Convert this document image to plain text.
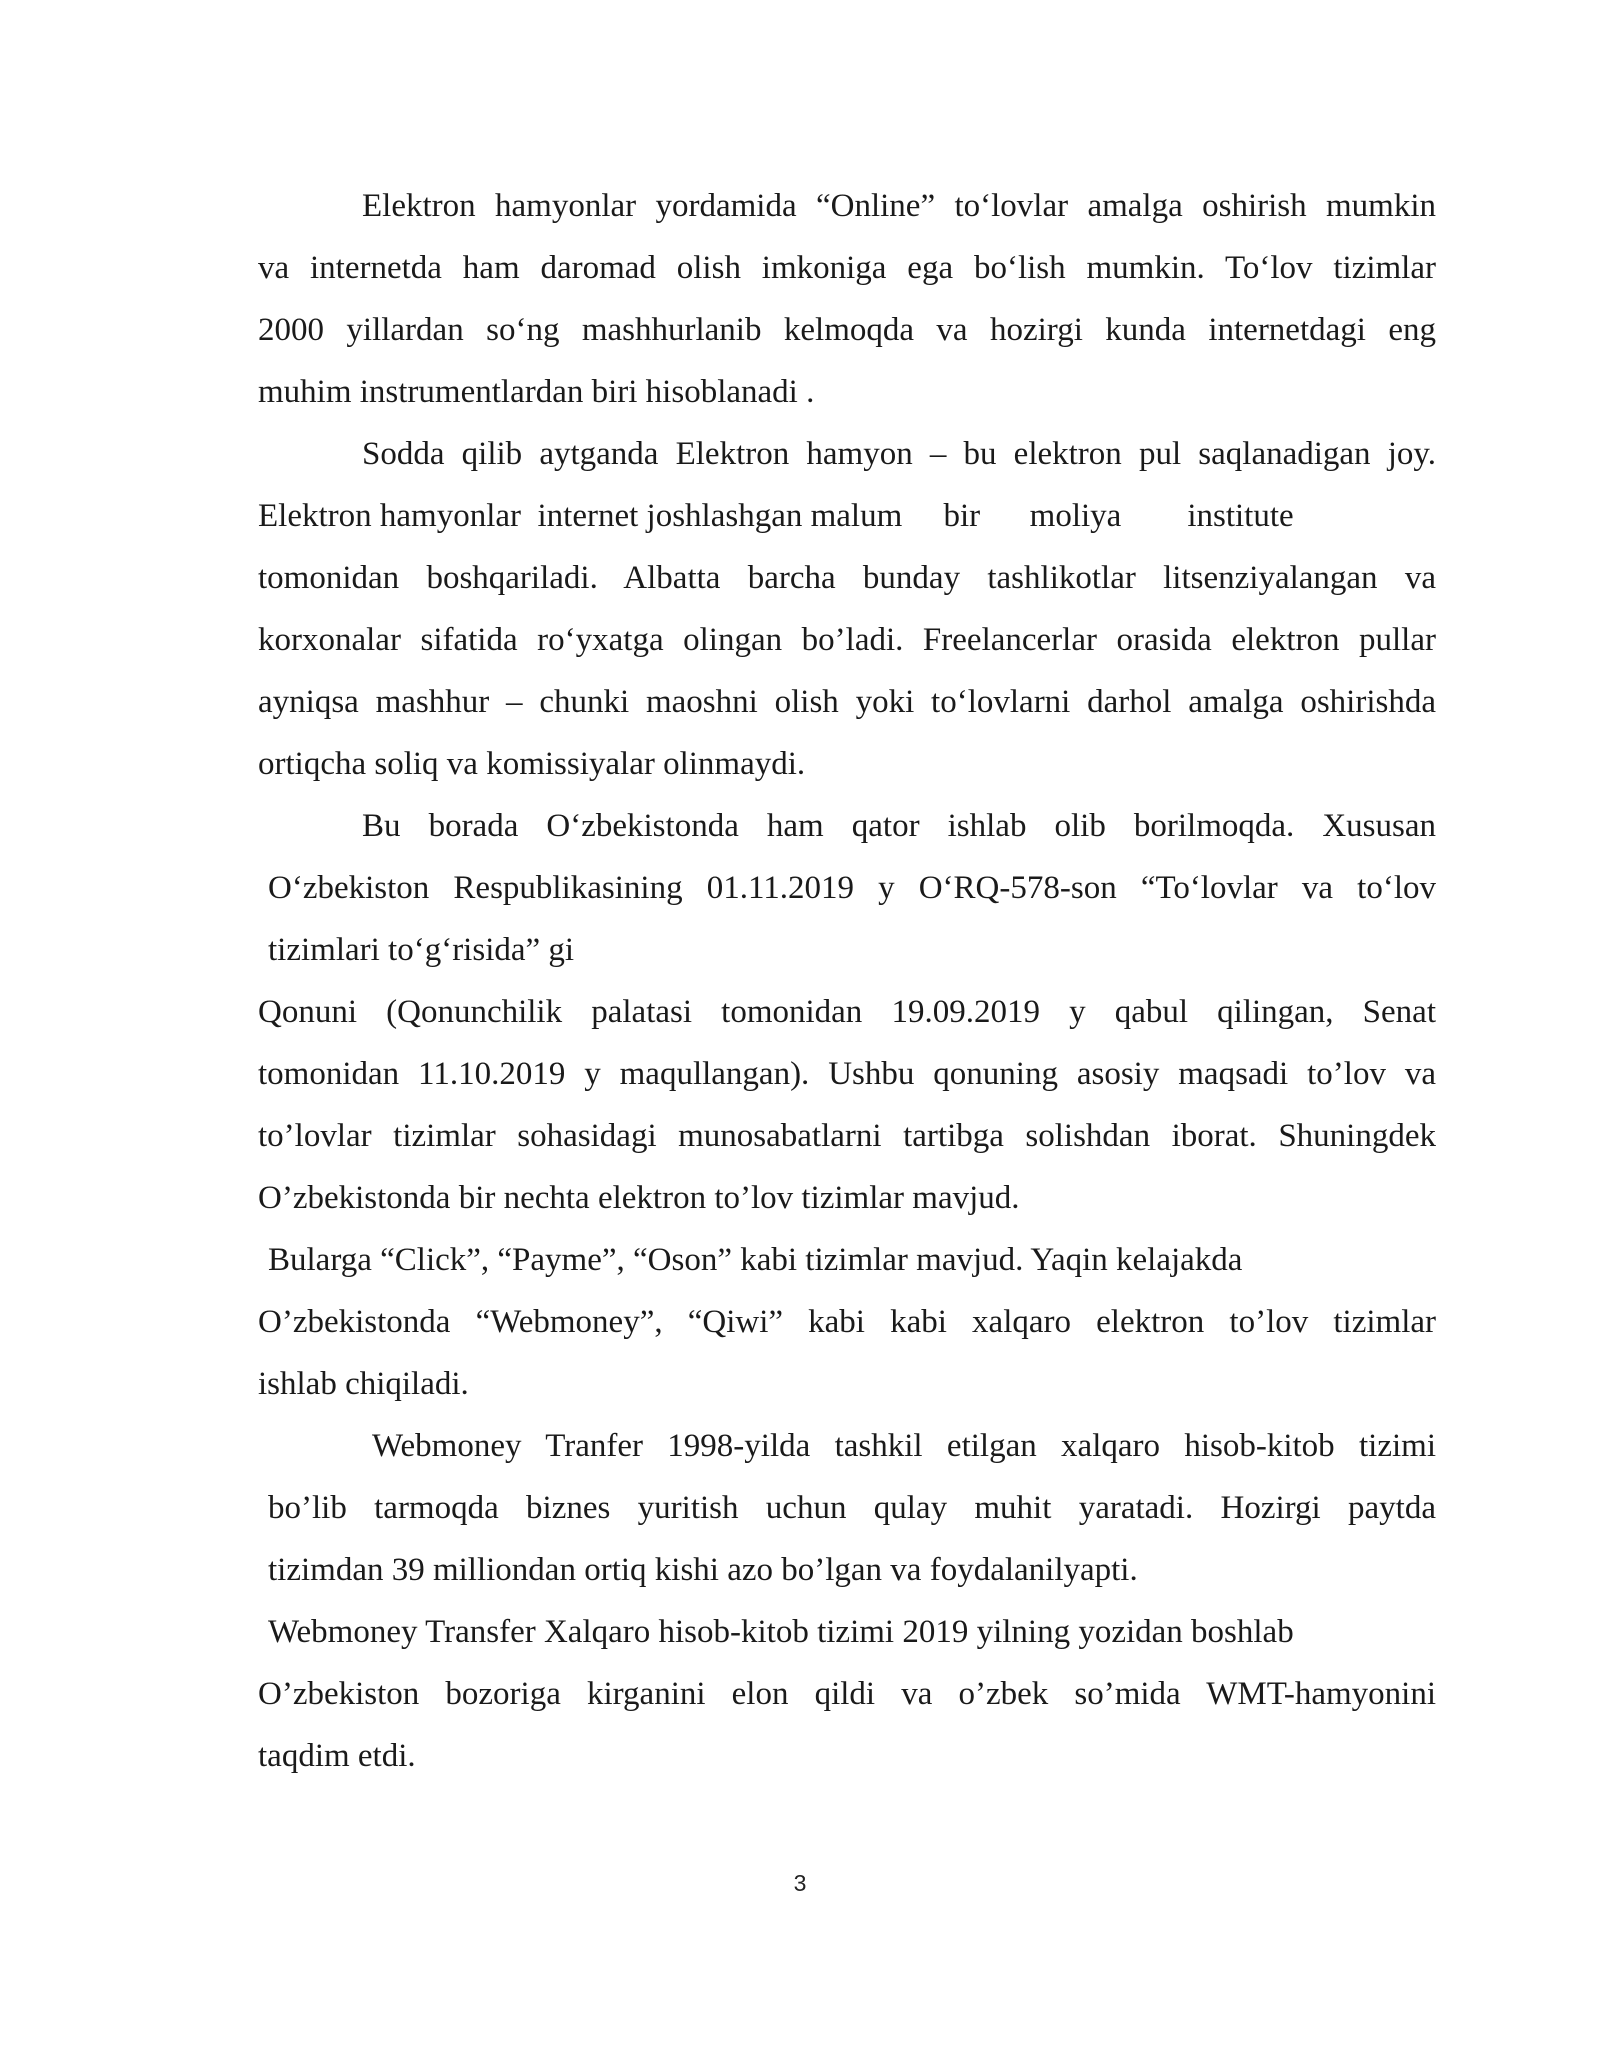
Elektron hamyonlar yordamida “Online” to‘lovlar amalga oshirish mumkin
va internetda ham daromad olish imkoniga ega bo‘lish mumkin. To‘lov tizimlar
2000 yillardan so‘ng mashhurlanib kelmoqda va hozirgi kunda internetdagi eng
muhim instrumentlardan biri hisoblanadi .
Sodda qilib aytganda Elektron hamyon – bu elektron pul saqlanadigan joy.
Elektron hamyonlar  internet joshlashgan malum     bir      moliya        institute
tomonidan boshqariladi. Albatta barcha bunday tashlikotlar litsenziyalangan va
korxonalar sifatida ro‘yxatga olingan bo’ladi. Freelancerlar orasida elektron pullar
ayniqsa mashhur – chunki maoshni olish yoki to‘lovlarni darhol amalga oshirishda
ortiqcha soliq va komissiyalar olinmaydi.
Bu borada O‘zbekistonda ham qator ishlab olib borilmoqda. Xususan
O‘zbekiston Respublikasining 01.11.2019 y O‘RQ-578-son “To‘lovlar va to‘lov
tizimlari to‘g‘risida” gi
Qonuni (Qonunchilik palatasi tomonidan 19.09.2019 y qabul qilingan, Senat
tomonidan 11.10.2019 y maqullangan). Ushbu qonuning asosiy maqsadi to’lov va
to’lovlar tizimlar sohasidagi munosabatlarni tartibga solishdan iborat. Shuningdek
O’zbekistonda bir nechta elektron to’lov tizimlar mavjud.
Bularga “Click”, “Payme”, “Oson” kabi tizimlar mavjud. Yaqin kelajakda
O’zbekistonda “Webmoney”, “Qiwi” kabi kabi xalqaro elektron to’lov tizimlar
ishlab chiqiladi.
Webmoney Tranfer 1998-yilda tashkil etilgan xalqaro hisob-kitob tizimi
bo’lib tarmoqda biznes yuritish uchun qulay muhit yaratadi. Hozirgi paytda
tizimdan 39 milliondan ortiq kishi azo bo’lgan va foydalanilyapti.
Webmoney Transfer Xalqaro hisob-kitob tizimi 2019 yilning yozidan boshlab
O’zbekiston bozoriga kirganini elon qildi va o’zbek so’mida WMT-hamyonini
taqdim etdi.
3
